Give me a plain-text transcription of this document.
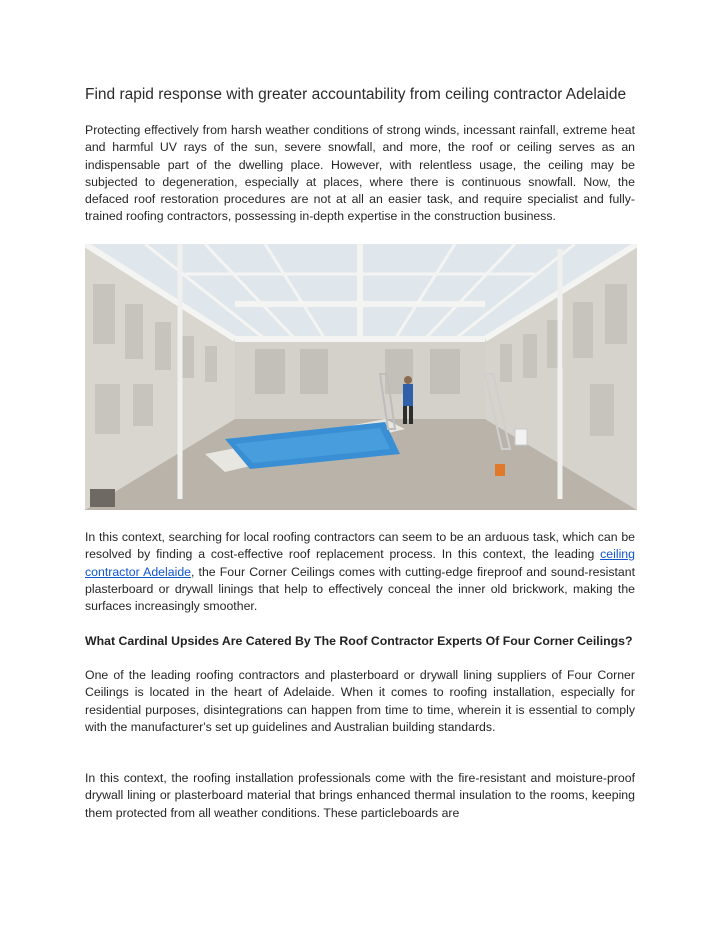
Find rapid response with greater accountability from ceiling contractor Adelaide

Protecting effectively from harsh weather conditions of strong winds, incessant rainfall, extreme heat and harmful UV rays of the sun, severe snowfall, and more, the roof or ceiling serves as an indispensable part of the dwelling place. However, with relentless usage, the ceiling may be subjected to degeneration, especially at places, where there is continuous snowfall. Now, the defaced roof restoration procedures are not at all an easier task, and require specialist and fully-trained roofing contractors, possessing in-depth expertise in the construction business.

In this context, searching for local roofing contractors can seem to be an arduous task, which can be resolved by finding a cost-effective roof replacement process. In this context, the leading ceiling contractor Adelaide, the Four Corner Ceilings comes with cutting-edge fireproof and sound-resistant plasterboard or drywall linings that help to effectively conceal the inner old brickwork, making the surfaces increasingly smoother.

What Cardinal Upsides Are Catered By The Roof Contractor Experts Of Four Corner Ceilings?

One of the leading roofing contractors and plasterboard or drywall lining suppliers of Four Corner Ceilings is located in the heart of Adelaide. When it comes to roofing installation, especially for residential purposes, disintegrations can happen from time to time, wherein it is essential to comply with the manufacturer's set up guidelines and Australian building standards.

In this context, the roofing installation professionals come with the fire-resistant and moisture-proof drywall lining or plasterboard material that brings enhanced thermal insulation to the rooms, keeping them protected from all weather conditions. These particleboards are
